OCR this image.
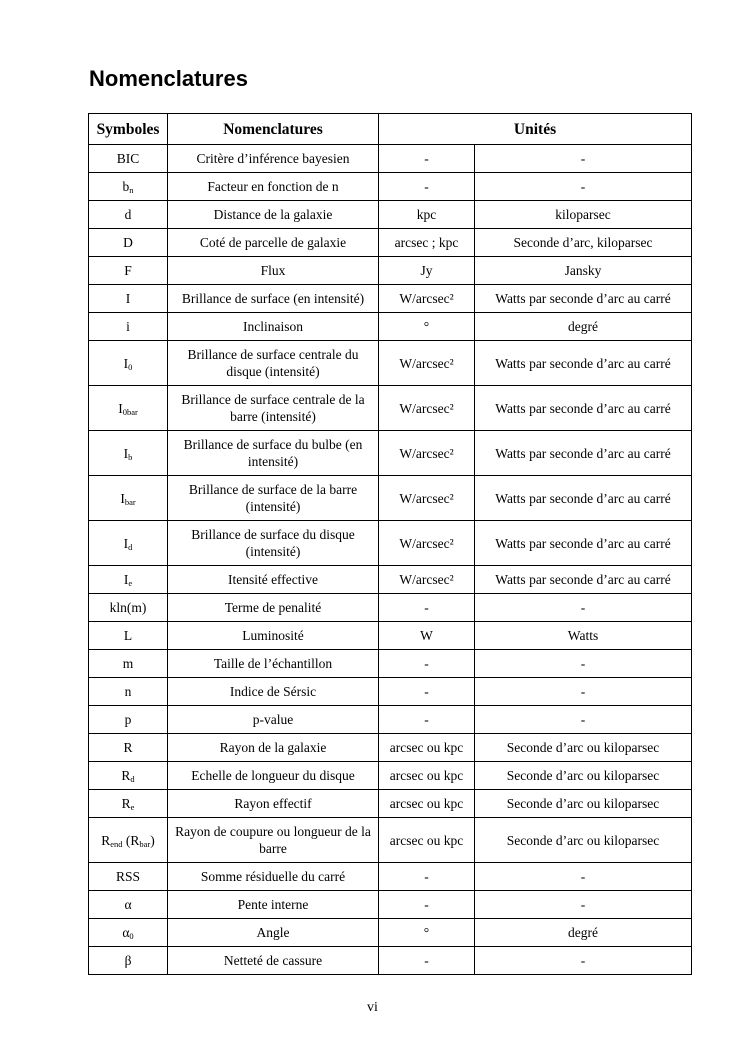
Nomenclatures
Symboles	Nomenclatures	Unités	
BIC	Critère d’inférence bayesien	-	-
$b_n$	Facteur en fonction de n	-	-
d	Distance de la galaxie	kpc	kiloparsec
D	Coté de parcelle de galaxie	arcsec ; kpc	Seconde d’arc, kiloparsec
F	Flux	Jy	Jansky
I	Brillance de surface (en intensité)	W/arcsec²	Watts par seconde d’arc au carré
i	Inclinaison	°	degré
$I_0$	Brillance de surface centrale du disque (intensité)	W/arcsec²	Watts par seconde d’arc au carré
$I_{0bar}$	Brillance de surface centrale de la barre (intensité)	W/arcsec²	Watts par seconde d’arc au carré
$I_b$	Brillance de surface du bulbe (en intensité)	W/arcsec²	Watts par seconde d’arc au carré
$I_{bar}$	Brillance de surface de la barre (intensité)	W/arcsec²	Watts par seconde d’arc au carré
$I_d$	Brillance de surface du disque (intensité)	W/arcsec²	Watts par seconde d’arc au carré
$I_e$	Itensité effective	W/arcsec²	Watts par seconde d’arc au carré
kln(m)	Terme de penalité	-	-
L	Luminosité	W	Watts
m	Taille de l’échantillon	-	-
n	Indice de Sérsic	-	-
p	p-value	-	-
R	Rayon de la galaxie	arcsec ou kpc	Seconde d’arc ou kiloparsec
$R_d$	Echelle de longueur du disque	arcsec ou kpc	Seconde d’arc ou kiloparsec
$R_e$	Rayon effectif	arcsec ou kpc	Seconde d’arc ou kiloparsec
$R_{end}$ $(R_{bar})$	Rayon de coupure ou longueur de la barre	arcsec ou kpc	Seconde d’arc ou kiloparsec
RSS	Somme résiduelle du carré	-	-
α	Pente interne	-	-
$\alpha_0$	Angle	°	degré
β	Netteté de cassure	-	-
vi
